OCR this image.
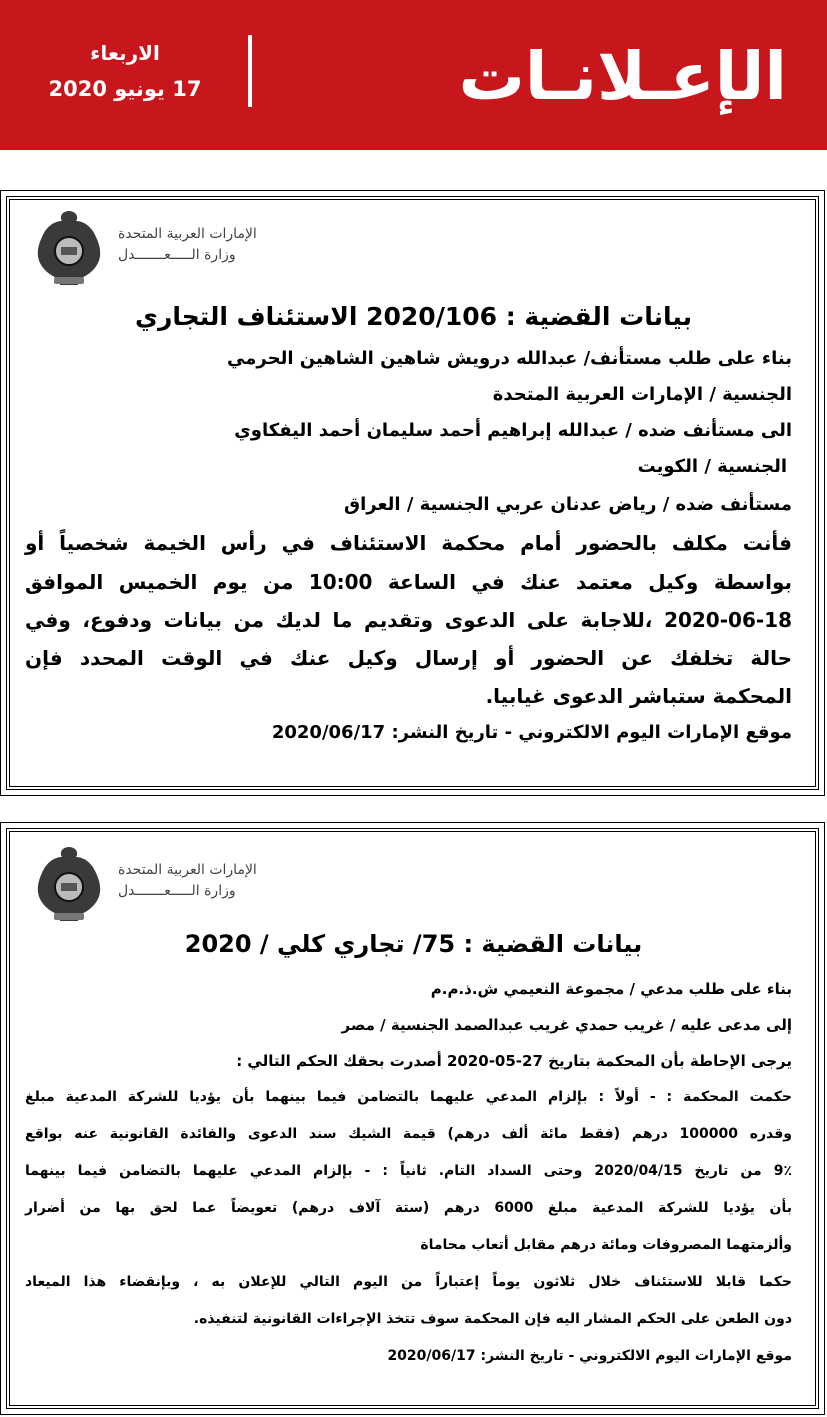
الإعـلانـات المبوبـــة
الاربعاء
17 يونيو 2020
الإمارات العربية المتحدة
وزارة الـــــعـــــــدل
بيانات القضية : 2020/106 الاستئناف التجاري
بناء على طلب مستأنف/ عبدالله درويش شاهين الشاهين الحرمي
الجنسية / الإمارات العربية المتحدة
الى مستأنف ضده / عبدالله إبراهيم أحمد سليمان أحمد اليفكاوي
الجنسية / الكويت
مستأنف ضده / رياض عدنان عربي الجنسية / العراق
فأنت مكلف بالحضور أمام محكمة الاستئناف في رأس الخيمة شخصياً أو
بواسطة وكيل معتمد عنك في الساعة 10:00 من يوم الخميس الموافق
2020-06-18 ،للاجابة على الدعوى وتقديم ما لديك من بيانات ودفوع، وفي
حالة تخلفك عن الحضور أو إرسال وكيل عنك في الوقت المحدد فإن
المحكمة ستباشر الدعوى غيابيا.
موقع الإمارات اليوم الالكتروني - تاريخ النشر: 2020/06/17
الإمارات العربية المتحدة
وزارة الـــــعـــــــدل
بيانات القضية : 75/ تجاري كلي / 2020
بناء على طلب مدعي / مجموعة النعيمي ش.ذ.م.م
إلى مدعى عليه / غريب حمدي غريب عبدالصمد الجنسية / مصر
يرجى الإحاطة بأن المحكمة بتاريخ 27-05-2020 أصدرت بحقك الحكم التالي :
حكمت المحكمة : - أولاً : بإلزام المدعي عليهما بالتضامن فيما بينهما بأن يؤديا للشركة المدعية مبلغ
وقدره 100000 درهم (فقط مائة ألف درهم) قيمة الشيك سند الدعوى والفائدة القانونية عنه بواقع
9٪ من تاريخ 2020/04/15 وحتى السداد التام. ثانياً : - بإلزام المدعي عليهما بالتضامن فيما بينهما
بأن يؤديا للشركة المدعية مبلغ 6000 درهم (ستة آلاف درهم) تعويضاً عما لحق بها من أضرار
وألزمتهما المصروفات ومائة درهم مقابل أتعاب محاماة
حكما قابلا للاستئناف خلال ثلاثون يوماً إعتباراً من اليوم التالي للإعلان به ، وبإنقضاء هذا الميعاد
دون الطعن على الحكم المشار اليه فإن المحكمة سوف تتخذ الإجراءات القانونية لتنفيذه.
موقع الإمارات اليوم الالكتروني - تاريخ النشر: 2020/06/17
